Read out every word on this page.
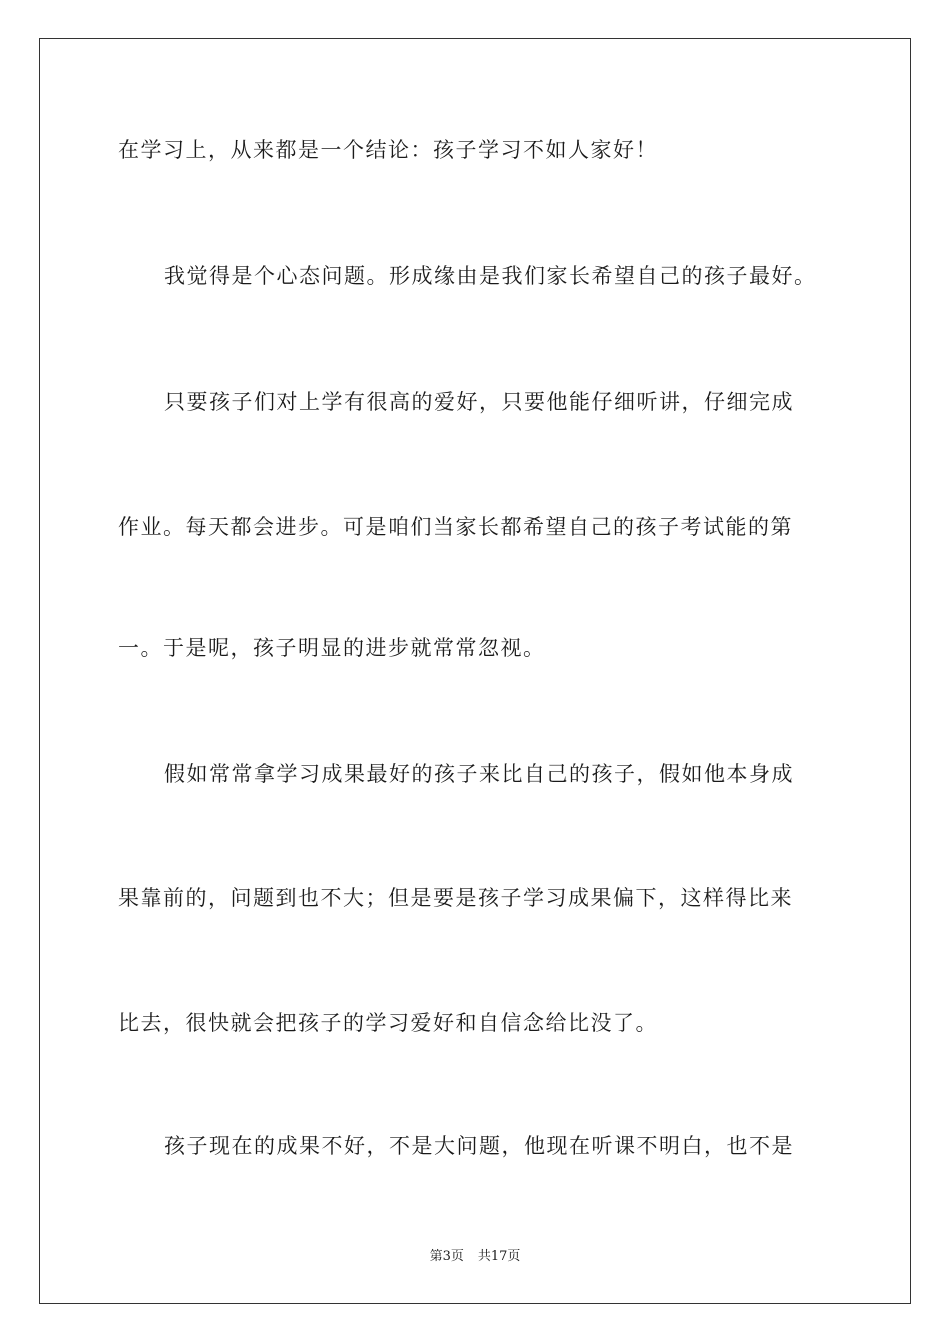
在学习上，从来都是一个结论：孩子学习不如人家好！
我觉得是个心态问题。形成缘由是我们家长希望自己的孩子最好。
只要孩子们对上学有很高的爱好，只要他能仔细听讲，仔细完成
作业。每天都会进步。可是咱们当家长都希望自己的孩子考试能的第
一。于是呢，孩子明显的进步就常常忽视。
假如常常拿学习成果最好的孩子来比自己的孩子，假如他本身成
果靠前的，问题到也不大；但是要是孩子学习成果偏下，这样得比来
比去，很快就会把孩子的学习爱好和自信念给比没了。
孩子现在的成果不好，不是大问题，他现在听课不明白，也不是
第3页 共17页
